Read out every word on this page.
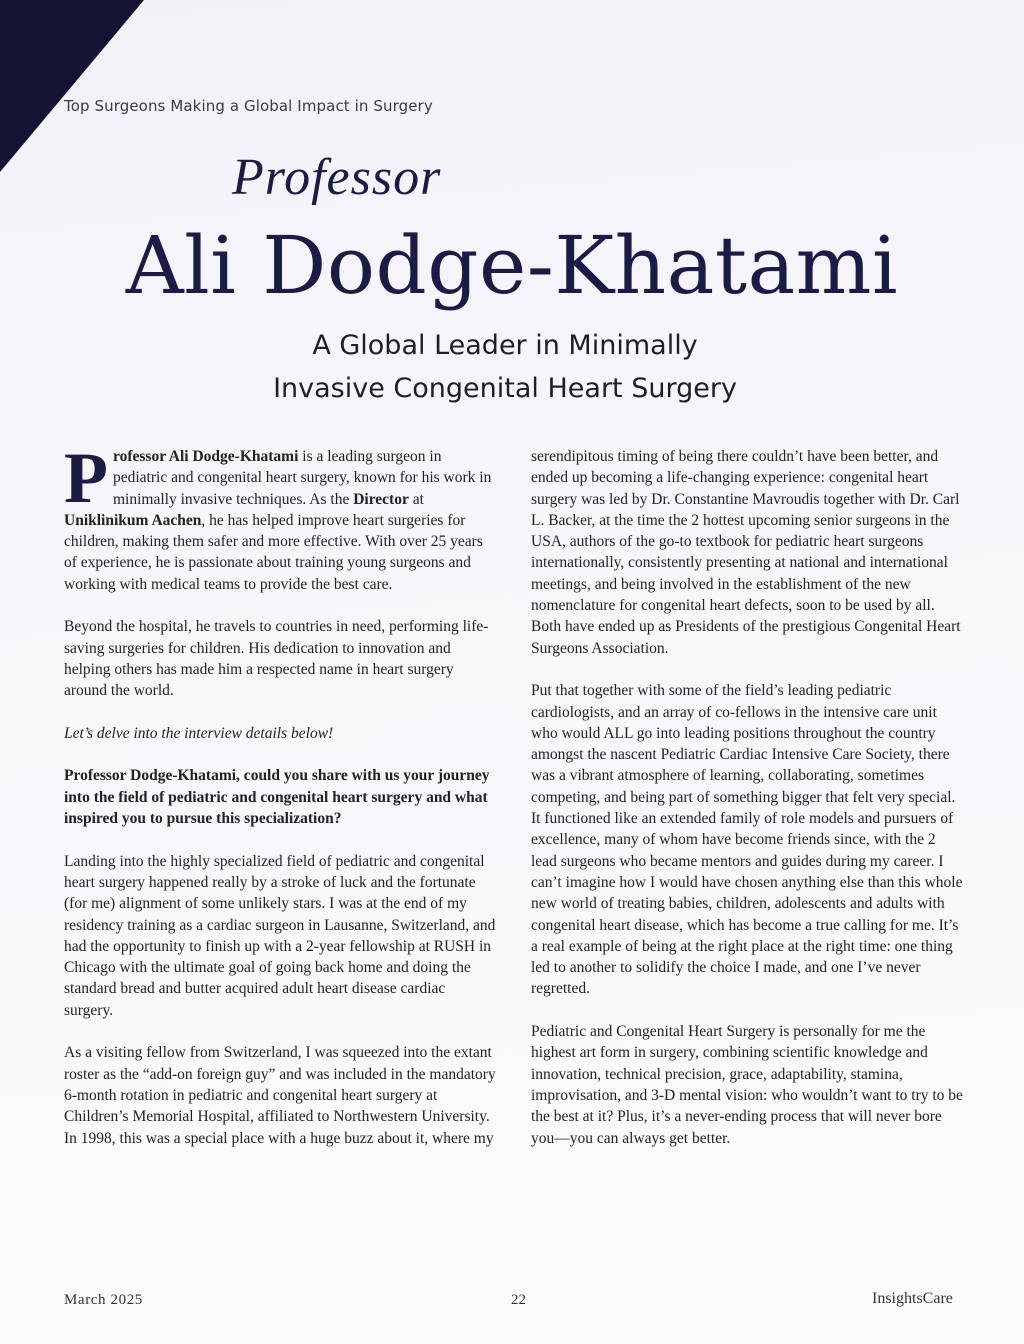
Top Surgeons Making a Global Impact in Surgery
Professor
Ali Dodge-Khatami
A Global Leader in Minimally
Invasive Congenital Heart Surgery

Professor Ali Dodge-Khatami is a leading surgeon in pediatric and congenital heart surgery, known for his work in minimally invasive techniques. As the Director at Uniklinikum Aachen, he has helped improve heart surgeries for children, making them safer and more effective. With over 25 years of experience, he is passionate about training young surgeons and working with medical teams to provide the best care.

Beyond the hospital, he travels to countries in need, performing life-saving surgeries for children. His dedication to innovation and helping others has made him a respected name in heart surgery around the world.

Let’s delve into the interview details below!

Professor Dodge-Khatami, could you share with us your journey into the field of pediatric and congenital heart surgery and what inspired you to pursue this specialization?

Landing into the highly specialized field of pediatric and congenital heart surgery happened really by a stroke of luck and the fortunate (for me) alignment of some unlikely stars. I was at the end of my residency training as a cardiac surgeon in Lausanne, Switzerland, and had the opportunity to finish up with a 2-year fellowship at RUSH in Chicago with the ultimate goal of going back home and doing the standard bread and butter acquired adult heart disease cardiac surgery.

As a visiting fellow from Switzerland, I was squeezed into the extant roster as the “add-on foreign guy” and was included in the mandatory 6-month rotation in pediatric and congenital heart surgery at Children’s Memorial Hospital, affiliated to Northwestern University. In 1998, this was a special place with a huge buzz about it, where my

serendipitous timing of being there couldn’t have been better, and ended up becoming a life-changing experience: congenital heart surgery was led by Dr. Constantine Mavroudis together with Dr. Carl L. Backer, at the time the 2 hottest upcoming senior surgeons in the USA, authors of the go-to textbook for pediatric heart surgeons internationally, consistently presenting at national and international meetings, and being involved in the establishment of the new nomenclature for congenital heart defects, soon to be used by all. Both have ended up as Presidents of the prestigious Congenital Heart Surgeons Association.

Put that together with some of the field’s leading pediatric cardiologists, and an array of co-fellows in the intensive care unit who would ALL go into leading positions throughout the country amongst the nascent Pediatric Cardiac Intensive Care Society, there was a vibrant atmosphere of learning, collaborating, sometimes competing, and being part of something bigger that felt very special. It functioned like an extended family of role models and pursuers of excellence, many of whom have become friends since, with the 2 lead surgeons who became mentors and guides during my career. I can’t imagine how I would have chosen anything else than this whole new world of treating babies, children, adolescents and adults with congenital heart disease, which has become a true calling for me. It’s a real example of being at the right place at the right time: one thing led to another to solidify the choice I made, and one I’ve never regretted.

Pediatric and Congenital Heart Surgery is personally for me the highest art form in surgery, combining scientific knowledge and innovation, technical precision, grace, adaptability, stamina, improvisation, and 3-D mental vision: who wouldn’t want to try to be the best at it? Plus, it’s a never-ending process that will never bore you—you can always get better.

March 2025	22	InsightsCare
